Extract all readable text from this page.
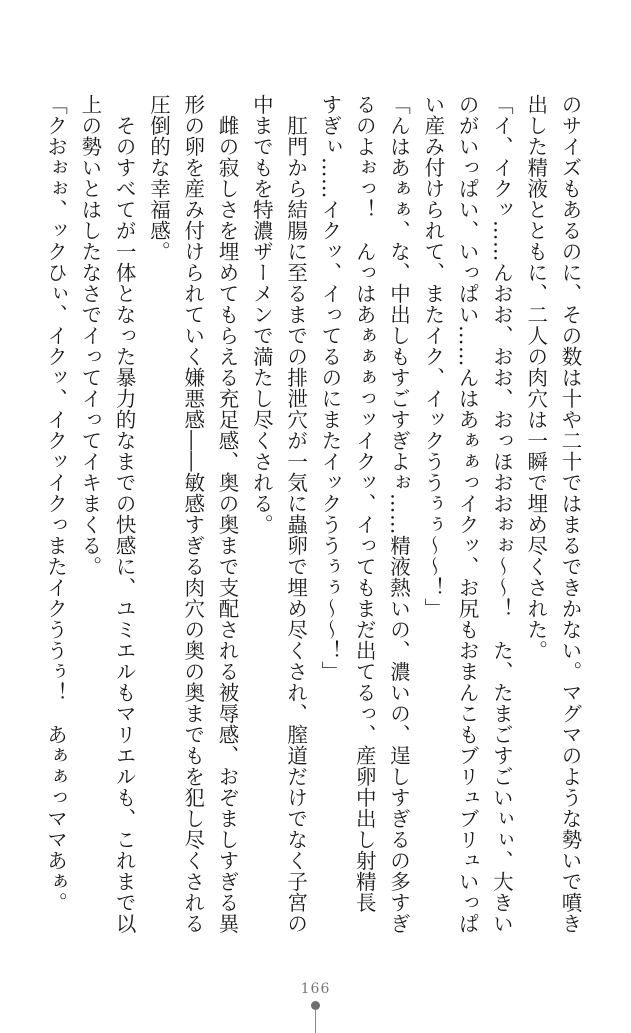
のサイズもあるのに、その数は十や二十ではまるできかない。マグマのような勢いで噴き

出した精液とともに、二人の肉穴は一瞬で埋め尽くされた。

「イ、イクッ……んおお、おお、おっほおおぉぉ〜〜！　た、たまごすごいぃぃ、大きい

のがいっぱい、いっぱい……んはあぁぁっイクッ、お尻もおまんこもブリュブリュいっぱ

い産み付けられて、またイク、イックううぅぅ〜〜！」

「んはあぁぁ、な、中出しもすごすぎよぉ……精液熱いの、濃いの、逞しすぎるの多すぎ

るのよぉっ！　んっはあぁぁぁっッイクッ、イってもまだ出てるっ、産卵中出し射精長

すぎぃ……イクッ、イってるのにまたイックううぅぅ〜〜！」

　肛門から結腸に至るまでの排泄穴が一気に蟲卵で埋め尽くされ、膣道だけでなく子宮の

中までもを特濃ザーメンで満たし尽くされる。

　雌の寂しさを埋めてもらえる充足感、奥の奥まで支配される被辱感、おぞましすぎる異

形の卵を産み付けられていく嫌悪感――敏感すぎる肉穴の奥の奥までもを犯し尽くされる

圧倒的な幸福感。

　そのすべてが一体となった暴力的なまでの快感に、ユミエルもマリエルも、これまで以

上の勢いとはしたなさでイってイってイキまくる。

「クおぉぉ、ックひぃ、イクッ、イクッイクっまたイクううぅ！　あぁぁっママあぁ。

166
